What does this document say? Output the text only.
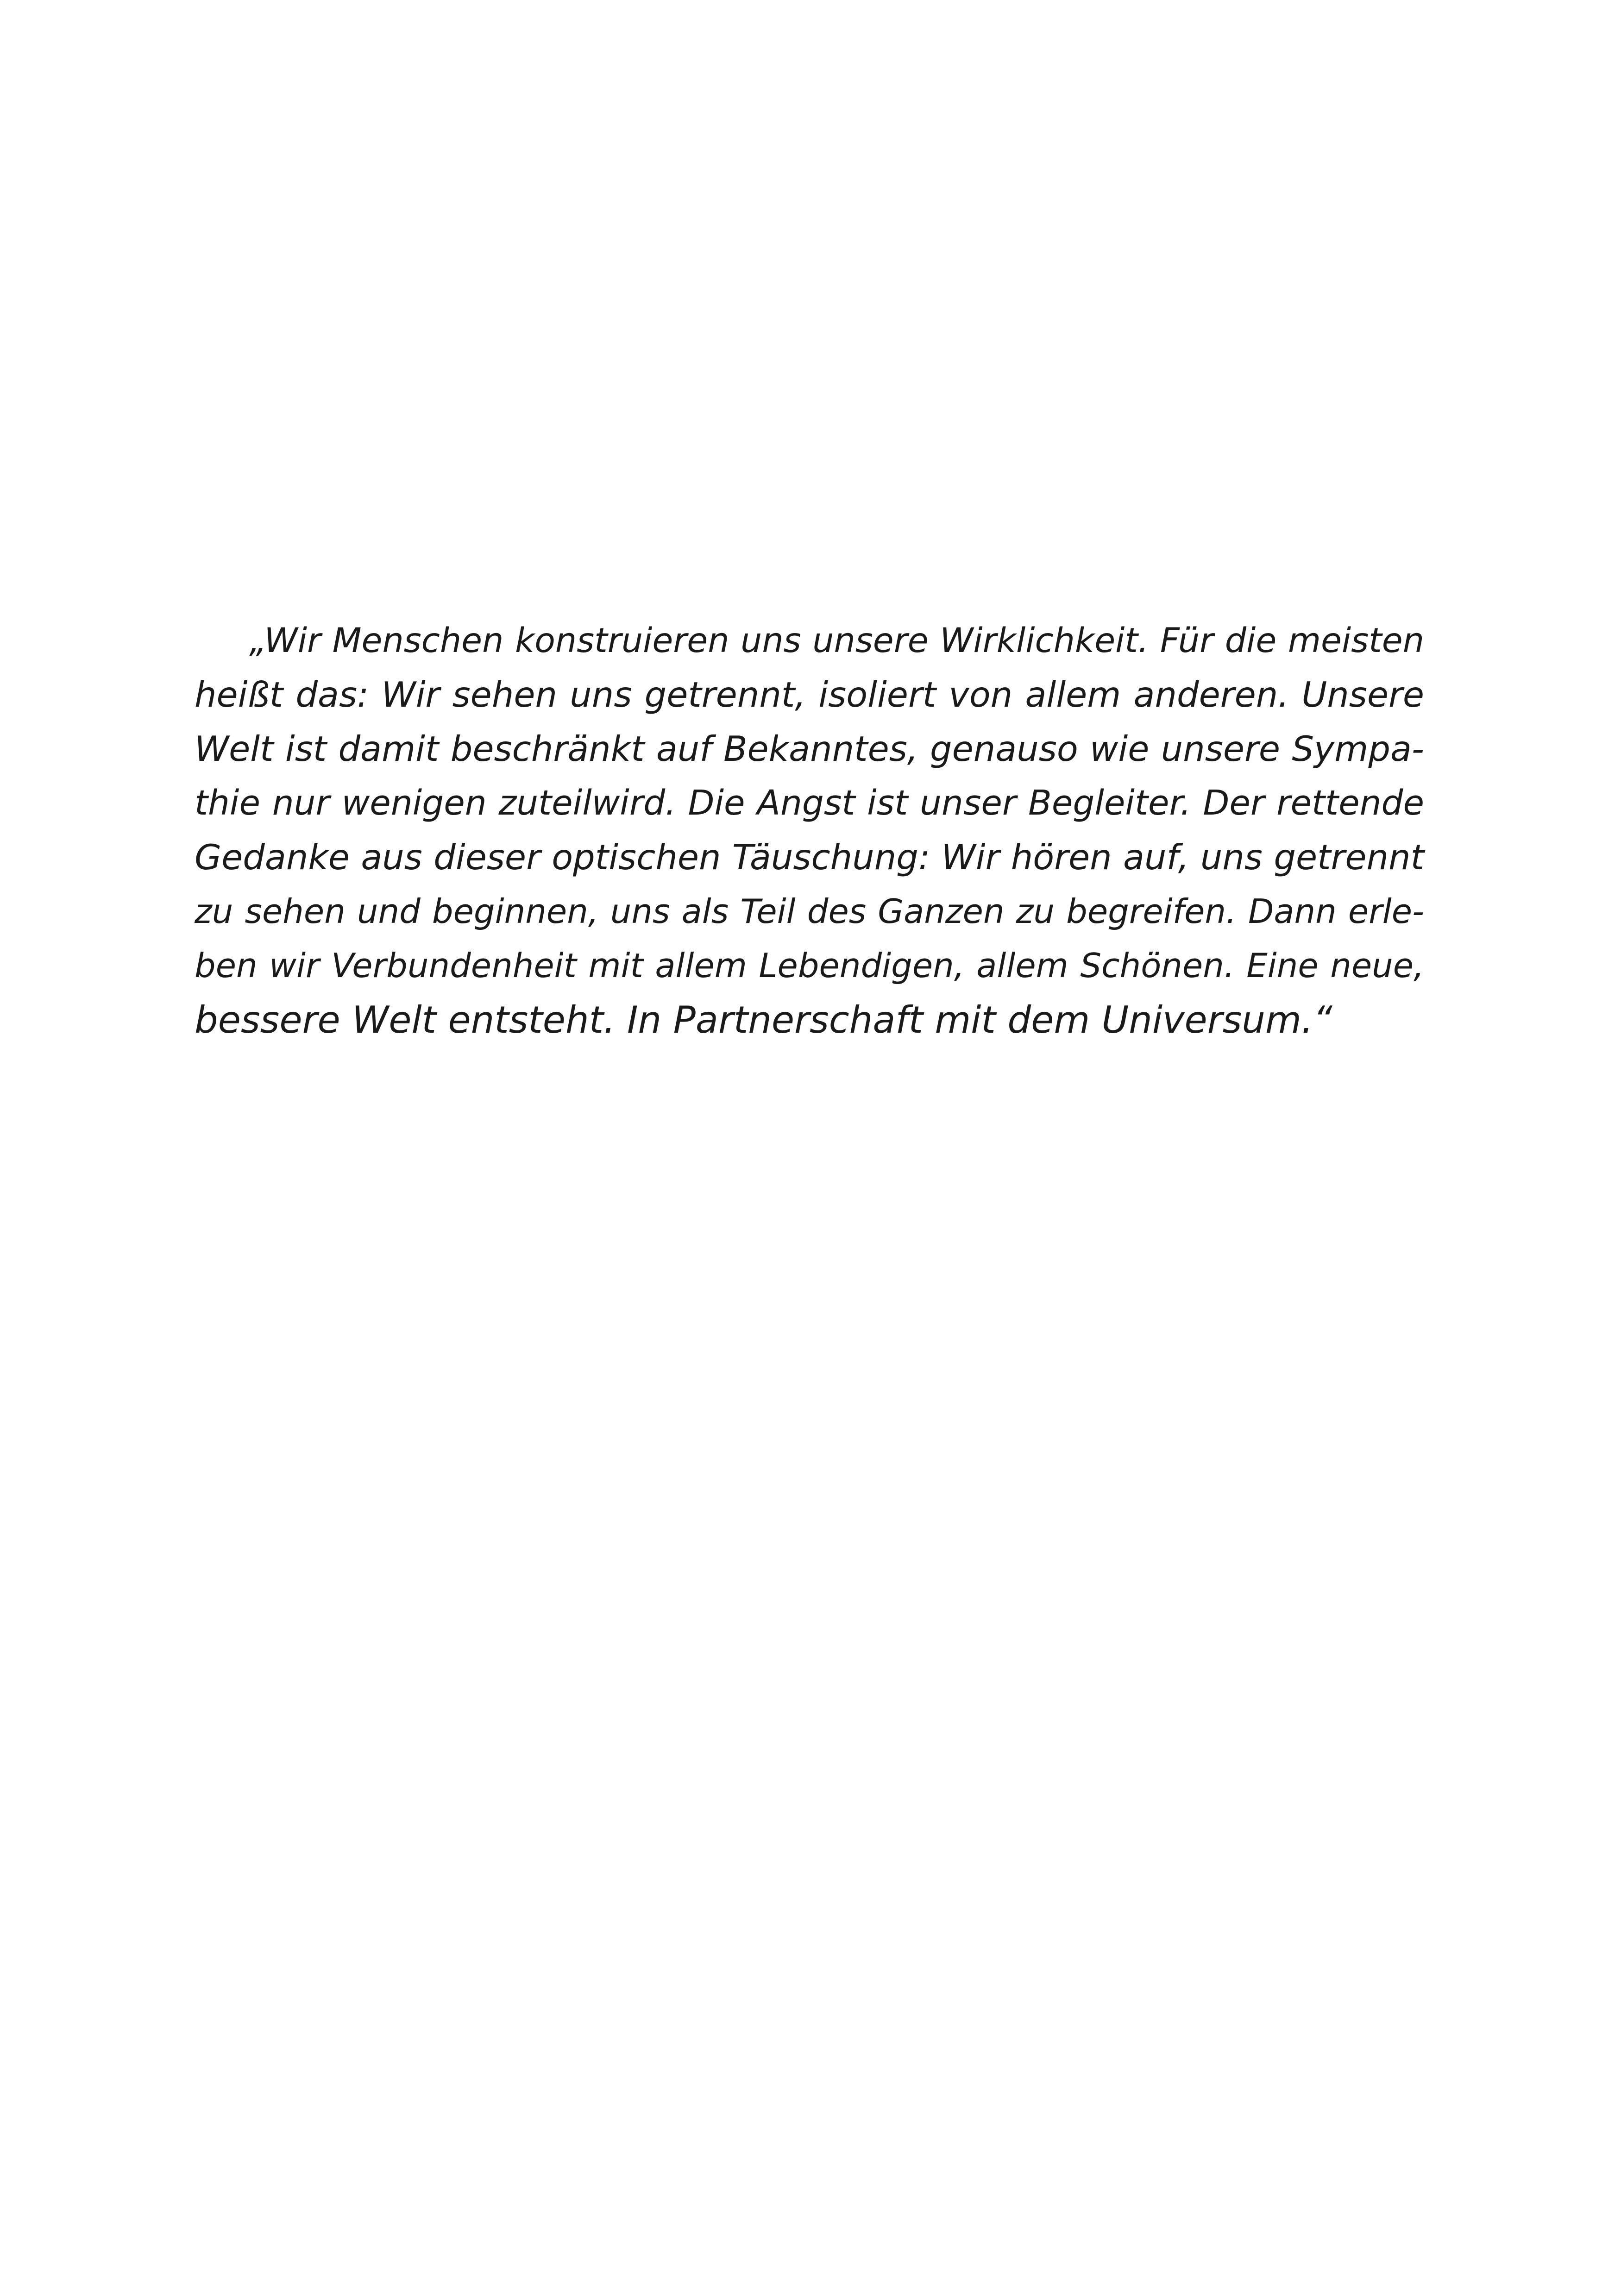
„Wir Menschen konstruieren uns unsere Wirklichkeit. Für die meisten
heißt das: Wir sehen uns getrennt, isoliert von allem anderen. Unsere
Welt ist damit beschränkt auf Bekanntes, genauso wie unsere Sympa-
thie nur wenigen zuteilwird. Die Angst ist unser Begleiter. Der rettende
Gedanke aus dieser optischen Täuschung: Wir hören auf, uns getrennt
zu sehen und beginnen, uns als Teil des Ganzen zu begreifen. Dann erle-
ben wir Verbundenheit mit allem Lebendigen, allem Schönen. Eine neue,
bessere Welt entsteht. In Partnerschaft mit dem Universum.“
